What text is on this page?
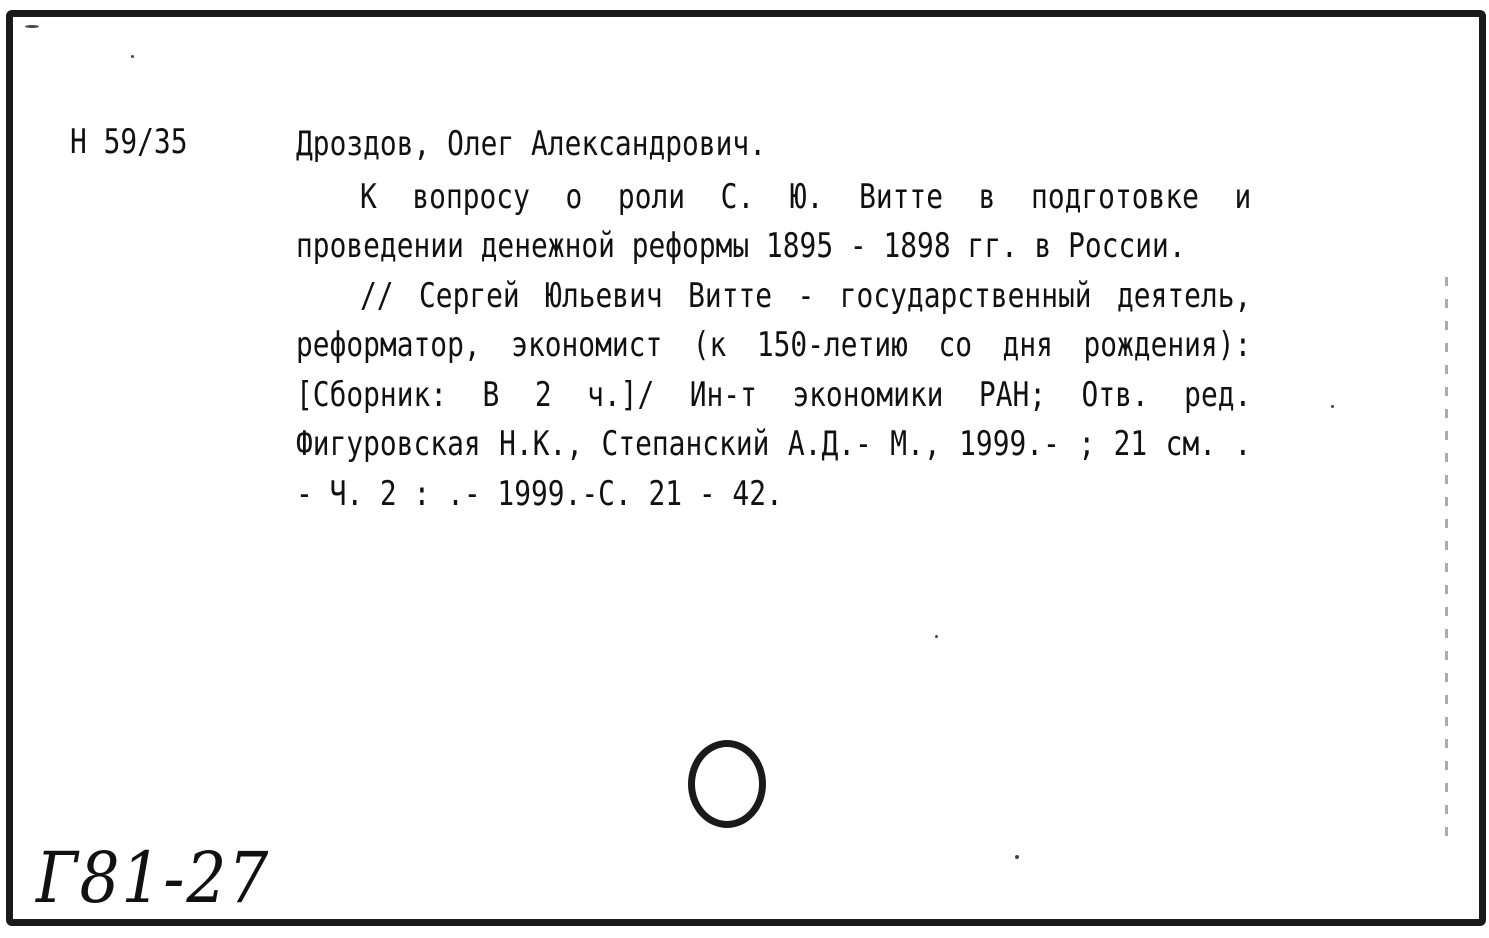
Н 59/35	Дроздов, Олег Александрович.

К вопросу о роли С. Ю. Витте в подготовке и проведении денежной реформы 1895 - 1898 гг. в России.

// Сергей Юльевич Витте - государственный деятель, реформатор, экономист (к 150-летию со дня рождения): [Сборник: В 2 ч.]/ Ин-т экономики РАН; Отв. ред. Фигуровская Н.К., Степанский А.Д.- М., 1999.- ; 21 см. . - Ч. 2 : .- 1999.-С. 21 - 42.

Г81-27
